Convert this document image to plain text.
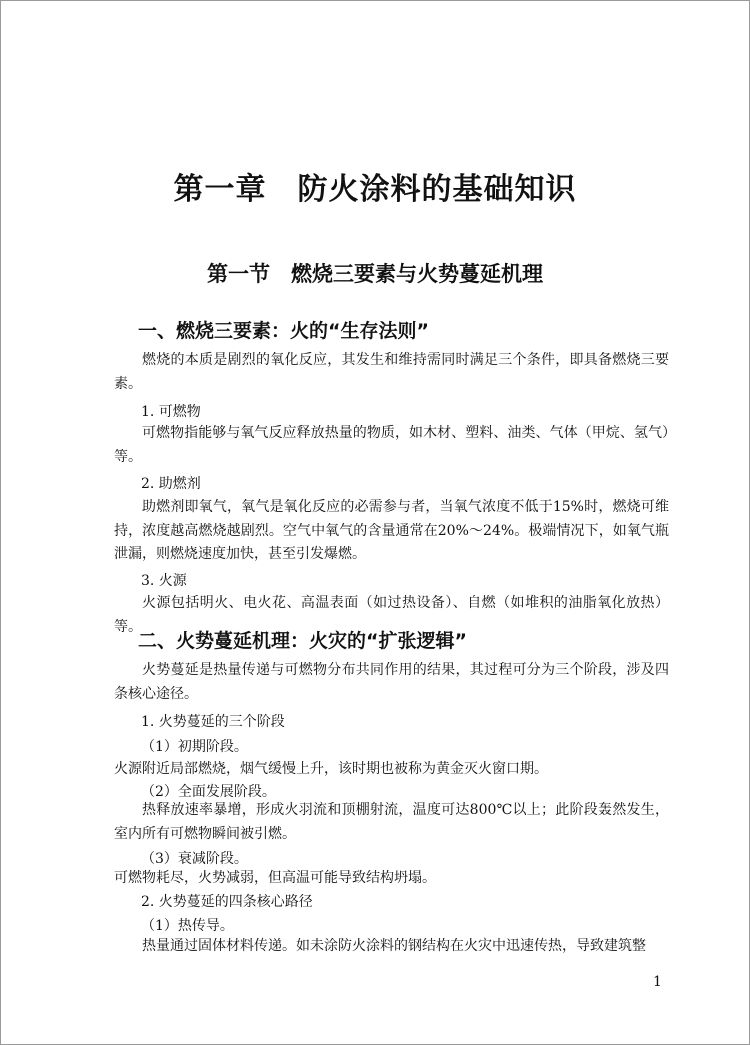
第一章　防火涂料的基础知识
第一节　燃烧三要素与火势蔓延机理
一、燃烧三要素：火的“生存法则”
燃烧的本质是剧烈的氧化反应，其发生和维持需同时满足三个条件，即具备燃烧三要素。
1. 可燃物
可燃物指能够与氧气反应释放热量的物质，如木材、塑料、油类、气体（甲烷、氢气）等。
2. 助燃剂
助燃剂即氧气，氧气是氧化反应的必需参与者，当氧气浓度不低于15%时，燃烧可维持，浓度越高燃烧越剧烈。空气中氧气的含量通常在20%～24%。极端情况下，如氧气瓶泄漏，则燃烧速度加快，甚至引发爆燃。
3. 火源
火源包括明火、电火花、高温表面（如过热设备）、自燃（如堆积的油脂氧化放热）等。
二、火势蔓延机理：火灾的“扩张逻辑”
火势蔓延是热量传递与可燃物分布共同作用的结果，其过程可分为三个阶段，涉及四条核心途径。
1. 火势蔓延的三个阶段
（1）初期阶段。
火源附近局部燃烧，烟气缓慢上升，该时期也被称为黄金灭火窗口期。
（2）全面发展阶段。
热释放速率暴增，形成火羽流和顶棚射流，温度可达800℃以上；此阶段轰然发生，室内所有可燃物瞬间被引燃。
（3）衰减阶段。
可燃物耗尽，火势减弱，但高温可能导致结构坍塌。
2. 火势蔓延的四条核心路径
（1）热传导。
热量通过固体材料传递。如未涂防火涂料的钢结构在火灾中迅速传热，导致建筑整
1
